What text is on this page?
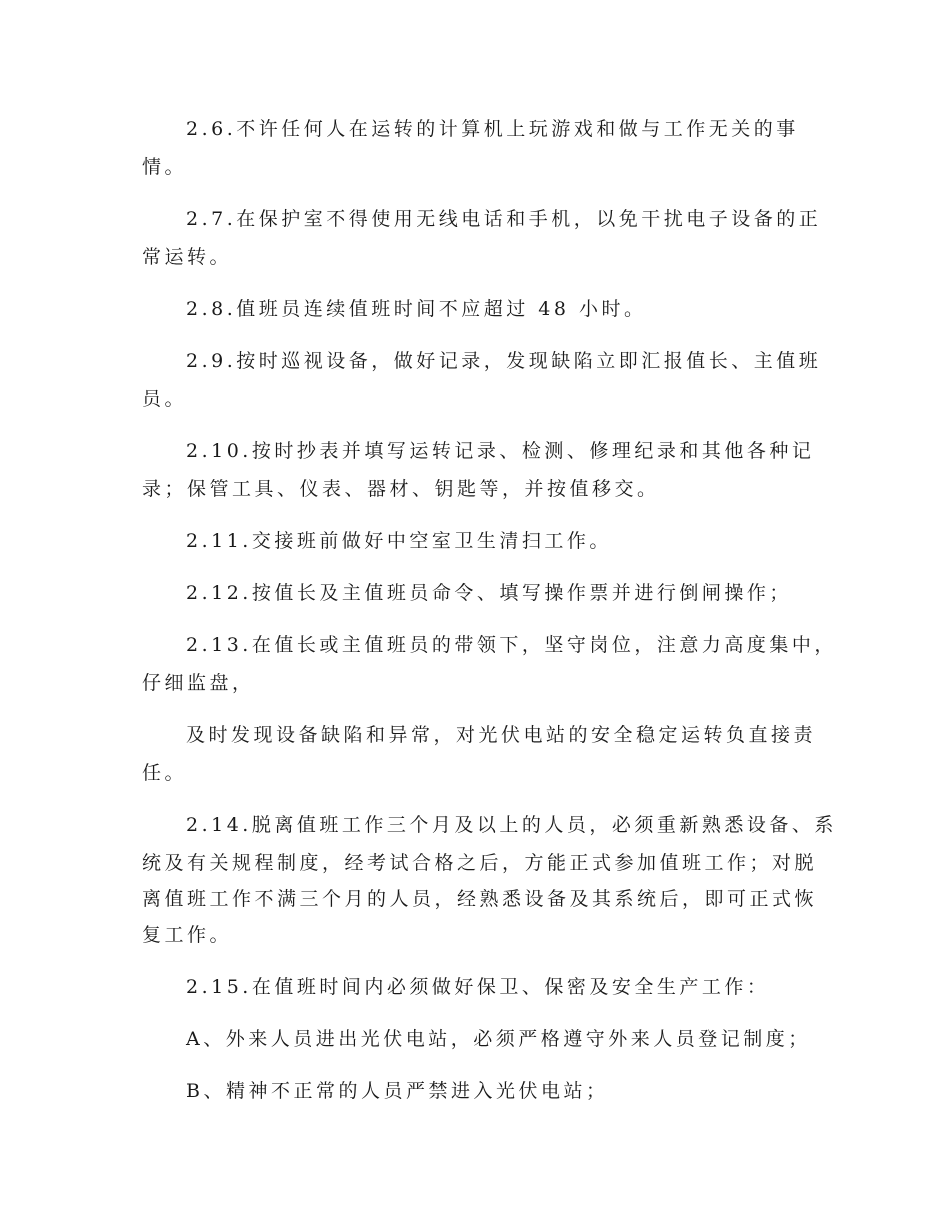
2.6.不许任何人在运转的计算机上玩游戏和做与工作无关的事

情。

2.7.在保护室不得使用无线电话和手机，以免干扰电子设备的正

常运转。

2.8.值班员连续值班时间不应超过 48 小时。

2.9.按时巡视设备，做好记录，发现缺陷立即汇报值长、主值班

员。

2.10.按时抄表并填写运转记录、检测、修理纪录和其他各种记

录；保管工具、仪表、器材、钥匙等，并按值移交。

2.11.交接班前做好中空室卫生清扫工作。

2.12.按值长及主值班员命令、填写操作票并进行倒闸操作；

2.13.在值长或主值班员的带领下，坚守岗位，注意力高度集中，

仔细监盘，

及时发现设备缺陷和异常，对光伏电站的安全稳定运转负直接责

任。

2.14.脱离值班工作三个月及以上的人员，必须重新熟悉设备、系

统及有关规程制度，经考试合格之后，方能正式参加值班工作；对脱

离值班工作不满三个月的人员，经熟悉设备及其系统后，即可正式恢

复工作。

2.15.在值班时间内必须做好保卫、保密及安全生产工作：

A、外来人员进出光伏电站，必须严格遵守外来人员登记制度；

B、精神不正常的人员严禁进入光伏电站；
